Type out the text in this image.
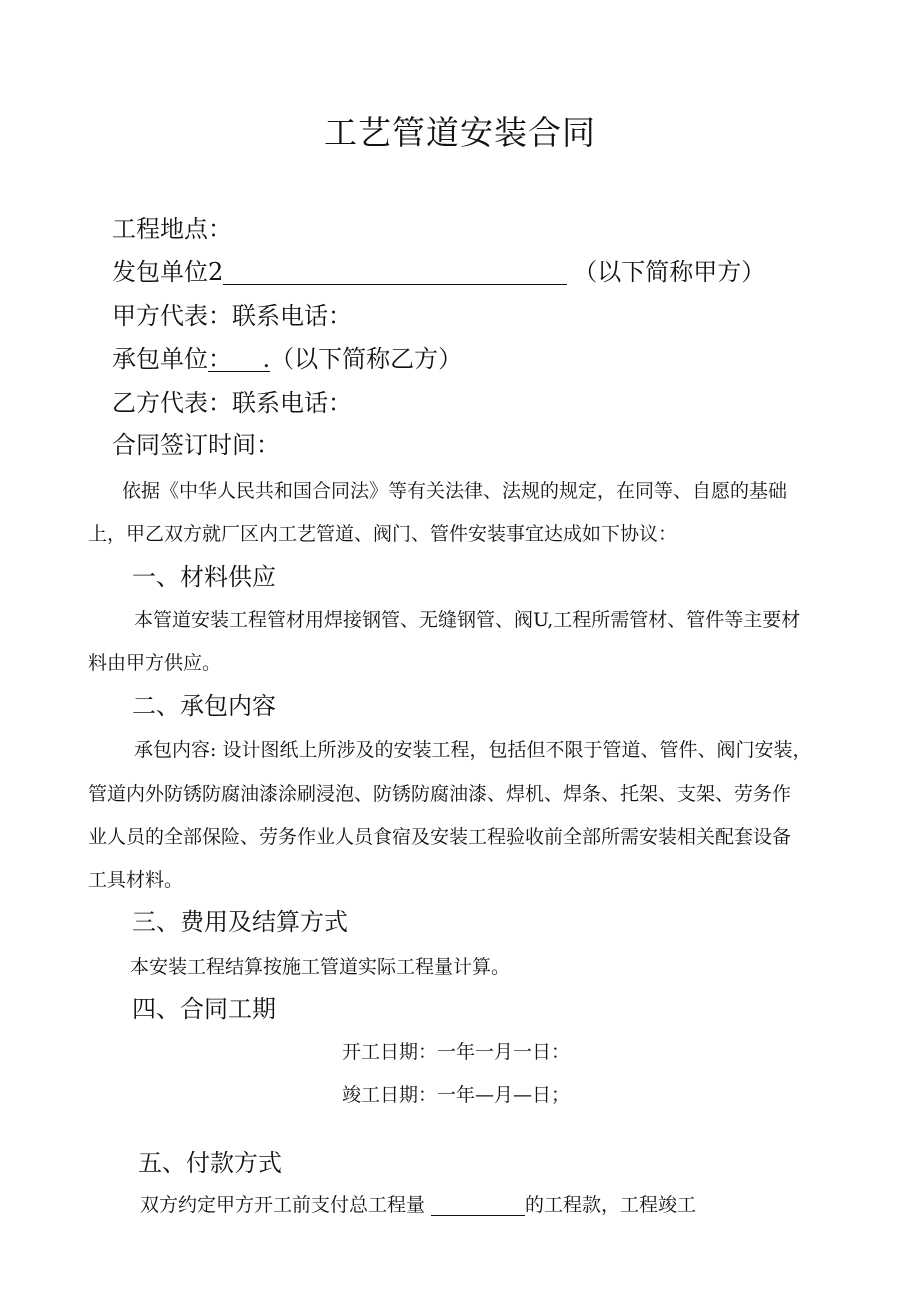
工艺管道安装合同
工程地点：
发包单位2	（以下简称甲方）
甲方代表：联系电话：
承包单位：    .（以下简称乙方）
乙方代表：联系电话：
合同签订时间：
依据《中华人民共和国合同法》等有关法律、法规的规定，在同等、自愿的基础
上，甲乙双方就厂区内工艺管道、阀门、管件安装事宜达成如下协议：
一、材料供应
本管道安装工程管材用焊接钢管、无缝钢管、阀U,工程所需管材、管件等主要材
料由甲方供应。
二、承包内容
承包内容: 设计图纸上所涉及的安装工程，包括但不限于管道、管件、阀门安装，
管道内外防锈防腐油漆涂刷浸泡、防锈防腐油漆、焊机、焊条、托架、支架、劳务作
业人员的全部保险、劳务作业人员食宿及安装工程验收前全部所需安装相关配套设备
工具材料。
三、费用及结算方式
本安装工程结算按施工管道实际工程量计算。
四、合同工期
开工日期：一年一月一日：
竣工日期：一年—月—日；
五、付款方式
双方约定甲方开工前支付总工程量	的工程款，工程竣工
